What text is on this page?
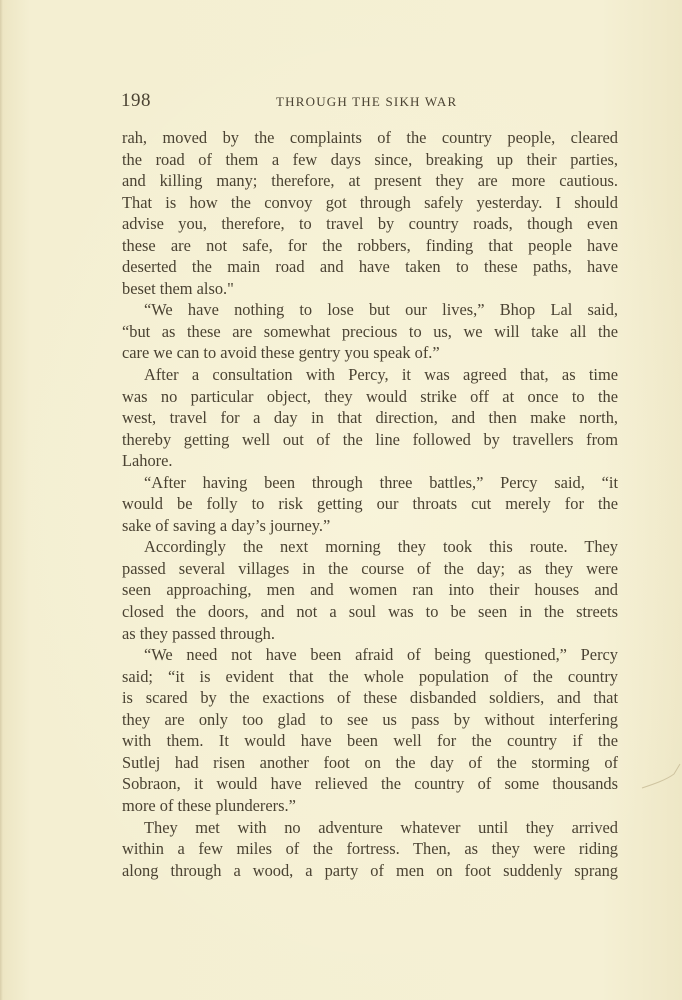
198	THROUGH THE SIKH WAR
rah, moved by the complaints of the country people, cleared
the road of them a few days since, breaking up their parties,
and killing many; therefore, at present they are more cautious.
That is how the convoy got through safely yesterday. I should
advise you, therefore, to travel by country roads, though even
these are not safe, for the robbers, finding that people have
deserted the main road and have taken to these paths, have
beset them also."
“We have nothing to lose but our lives,” Bhop Lal said,
“but as these are somewhat precious to us, we will take all the
care we can to avoid these gentry you speak of.”
After a consultation with Percy, it was agreed that, as time
was no particular object, they would strike off at once to the
west, travel for a day in that direction, and then make north,
thereby getting well out of the line followed by travellers from
Lahore.
“After having been through three battles,” Percy said, “it
would be folly to risk getting our throats cut merely for the
sake of saving a day’s journey.”
Accordingly the next morning they took this route. They
passed several villages in the course of the day; as they were
seen approaching, men and women ran into their houses and
closed the doors, and not a soul was to be seen in the streets
as they passed through.
“We need not have been afraid of being questioned,” Percy
said; “it is evident that the whole population of the country
is scared by the exactions of these disbanded soldiers, and that
they are only too glad to see us pass by without interfering
with them. It would have been well for the country if the
Sutlej had risen another foot on the day of the storming of
Sobraon, it would have relieved the country of some thousands
more of these plunderers.”
They met with no adventure whatever until they arrived
within a few miles of the fortress. Then, as they were riding
along through a wood, a party of men on foot suddenly sprang
